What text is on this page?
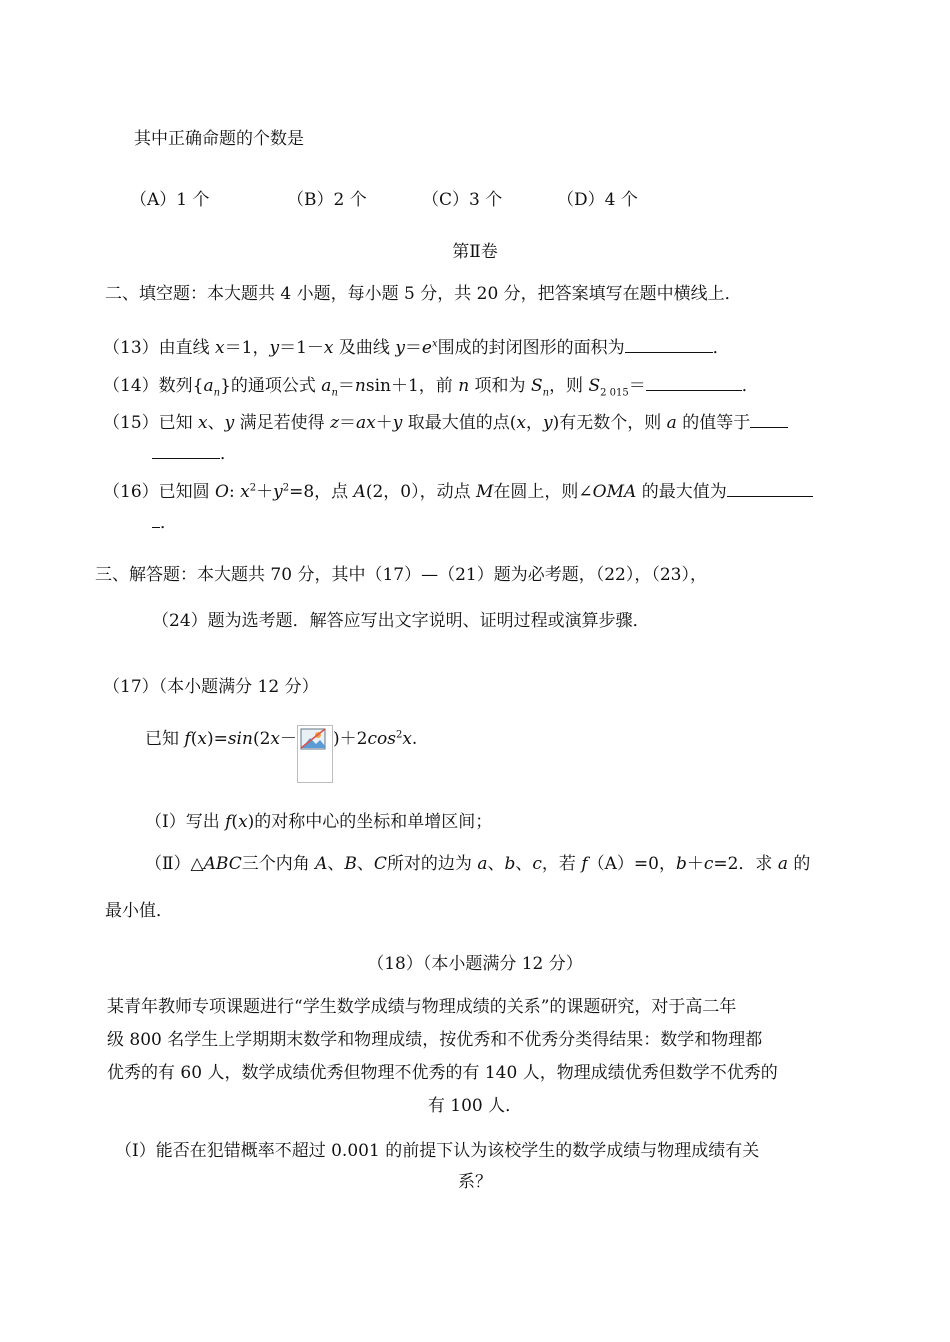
其中正确命题的个数是
（A）1 个	（B）2 个	（C）3 个	（D）4 个
第Ⅱ卷
二、填空题：本大题共 4 小题，每小题 5 分，共 20 分，把答案填写在题中横线上．
（13）由直线 x＝1，y＝1－x 及曲线 $y=e^x$围成的封闭图形的面积为	．
（14）数列$\{a_n\}$的通项公式 $a_n=nsin+1$，前 n 项和为 $S_n$，则 $S_{2 015}=$	．
（15）已知 x、y 满足若使得 z＝ax＋y 取最大值的点(x，y)有无数个，则 a 的值等于
．
（16）已知圆 O: $x^2+y^2=8$，点 A(2，0），动点 M在圆上，则∠OMA 的最大值为
．
三、解答题：本大题共 70 分，其中（17）—（21）题为必考题，（22），（23），
（24）题为选考题．解答应写出文字说明、证明过程或演算步骤．
（17）（本小题满分 12 分）
已知 $f(x)=\sin(2x- )+2\cos^2x$.
（Ⅰ）写出 f(x)的对称中心的坐标和单增区间；
（Ⅱ）△ABC三个内角 A、B、C所对的边为 a、b、c，若 f（A）=0，b＋c=2．求 a 的
最小值．
（18）（本小题满分 12 分）
某青年教师专项课题进行“学生数学成绩与物理成绩的关系”的课题研究，对于高二年
级 800 名学生上学期期末数学和物理成绩，按优秀和不优秀分类得结果：数学和物理都
优秀的有 60 人，数学成绩优秀但物理不优秀的有 140 人，物理成绩优秀但数学不优秀的
有 100 人．
（Ⅰ）能否在犯错概率不超过 0.001 的前提下认为该校学生的数学成绩与物理成绩有关
系？
